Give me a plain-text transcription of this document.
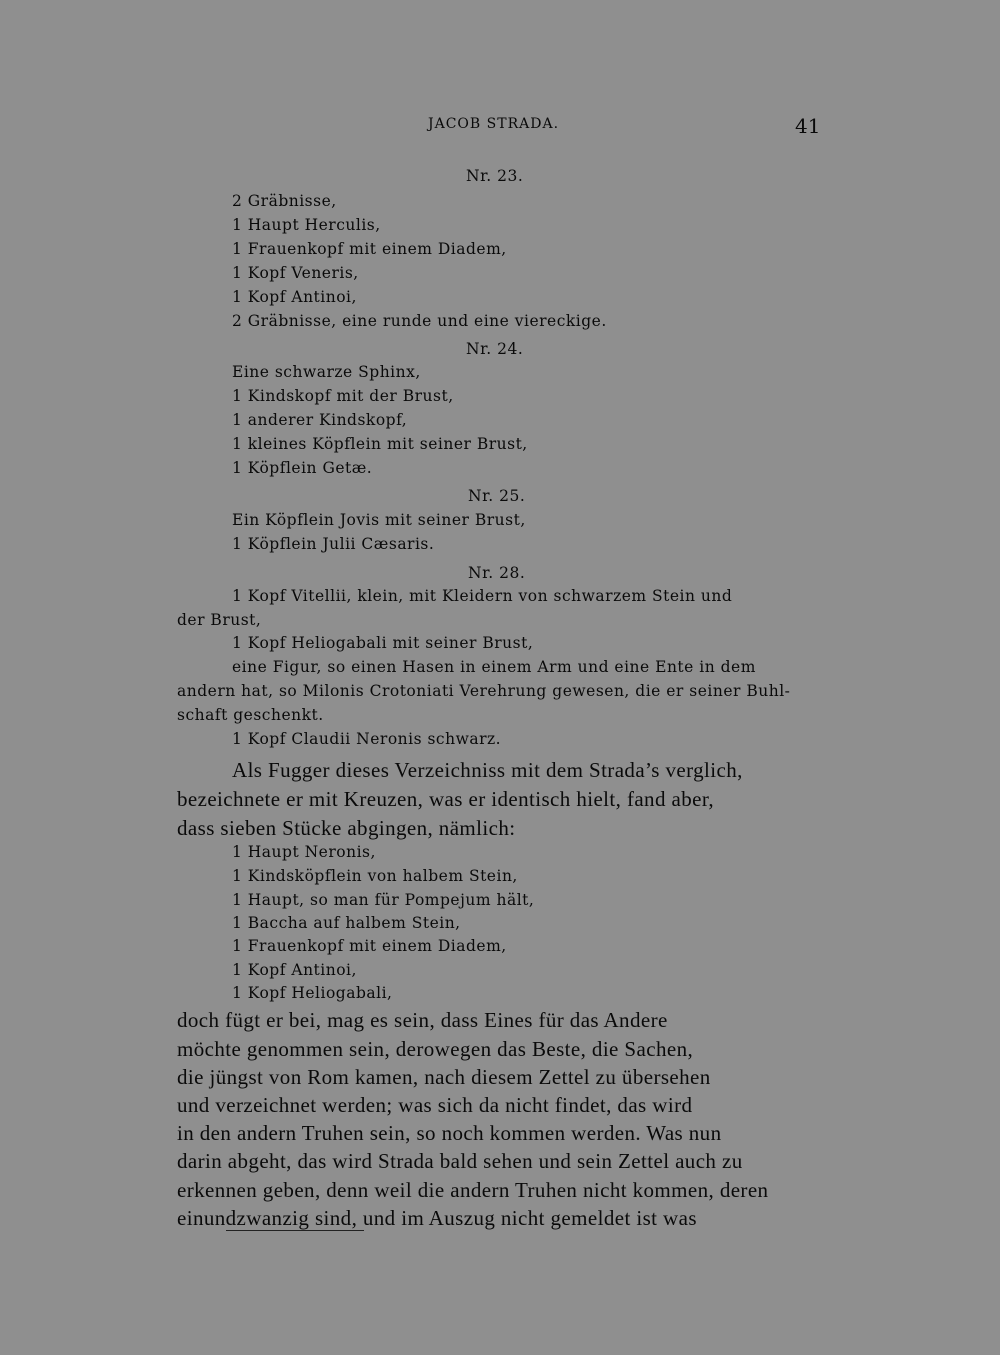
JACOB STRADA.	41
Nr. 23.
2 Gräbnisse,
1 Haupt Herculis,
1 Frauenkopf mit einem Diadem,
1 Kopf Veneris,
1 Kopf Antinoi,
2 Gräbnisse, eine runde und eine viereckige.
Nr. 24.
Eine schwarze Sphinx,
1 Kindskopf mit der Brust,
1 anderer Kindskopf,
1 kleines Köpflein mit seiner Brust,
1 Köpflein Getæ.
Nr. 25.
Ein Köpflein Jovis mit seiner Brust,
1 Köpflein Julii Cæsaris.
Nr. 28.
1 Kopf Vitellii, klein, mit Kleidern von schwarzem Stein und
der Brust,
1 Kopf Heliogabali mit seiner Brust,
eine Figur, so einen Hasen in einem Arm und eine Ente in dem
andern hat, so Milonis Crotoniati Verehrung gewesen, die er seiner Buhl-
schaft geschenkt.
1 Kopf Claudii Neronis schwarz.
Als Fugger dieses Verzeichniss mit dem Strada’s verglich,
bezeichnete er mit Kreuzen, was er identisch hielt, fand aber,
dass sieben Stücke abgingen, nämlich:
1 Haupt Neronis,
1 Kindsköpflein von halbem Stein,
1 Haupt, so man für Pompejum hält,
1 Baccha auf halbem Stein,
1 Frauenkopf mit einem Diadem,
1 Kopf Antinoi,
1 Kopf Heliogabali,
doch fügt er bei, mag es sein, dass Eines für das Andere
möchte genommen sein, derowegen das Beste, die Sachen,
die jüngst von Rom kamen, nach diesem Zettel zu übersehen
und verzeichnet werden; was sich da nicht findet, das wird
in den andern Truhen sein, so noch kommen werden. Was nun
darin abgeht, das wird Strada bald sehen und sein Zettel auch zu
erkennen geben, denn weil die andern Truhen nicht kommen, deren
einundzwanzig sind, und im Auszug nicht gemeldet ist was
